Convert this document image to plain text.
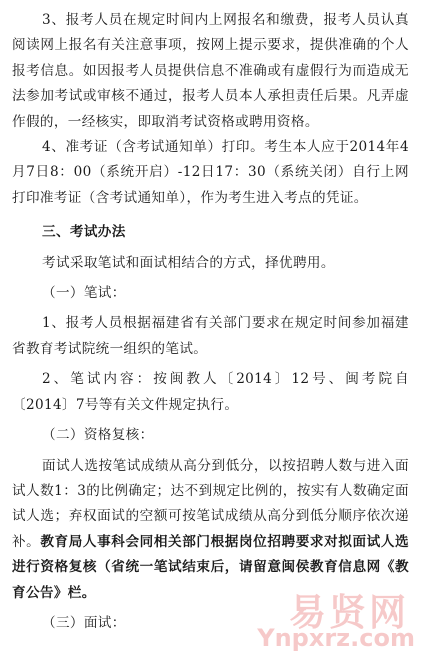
3、报考人员在规定时间内上网报名和缴费，报考人员认真阅读网上报名有关注意事项，按网上提示要求，提供准确的个人报考信息。如因报考人员提供信息不准确或有虚假行为而造成无法参加考试或审核不通过，报考人员本人承担责任后果。凡弄虚作假的，一经核实，即取消考试资格或聘用资格。

4、准考证（含考试通知单）打印。考生本人应于2014年4月7日8：00（系统开启）-12日17：30（系统关闭）自行上网打印准考证（含考试通知单），作为考生进入考点的凭证。

三、考试办法

考试采取笔试和面试相结合的方式，择优聘用。

（一）笔试：

1、报考人员根据福建省有关部门要求在规定时间参加福建省教育考试院统一组织的笔试。

2、笔试内容：按闽教人〔2014〕12号、闽考院自〔2014〕7号等有关文件规定执行。

（二）资格复核：

面试人选按笔试成绩从高分到低分，以按招聘人数与进入面试人数1：3的比例确定；达不到规定比例的，按实有人数确定面试人选；弃权面试的空额可按笔试成绩从高分到低分顺序依次递补。教育局人事科会同相关部门根据岗位招聘要求对拟面试人选进行资格复核（省统一笔试结束后，请留意闽侯教育信息网《教育公告》栏。

（三）面试：	易贤网
Ynpxrz.com
